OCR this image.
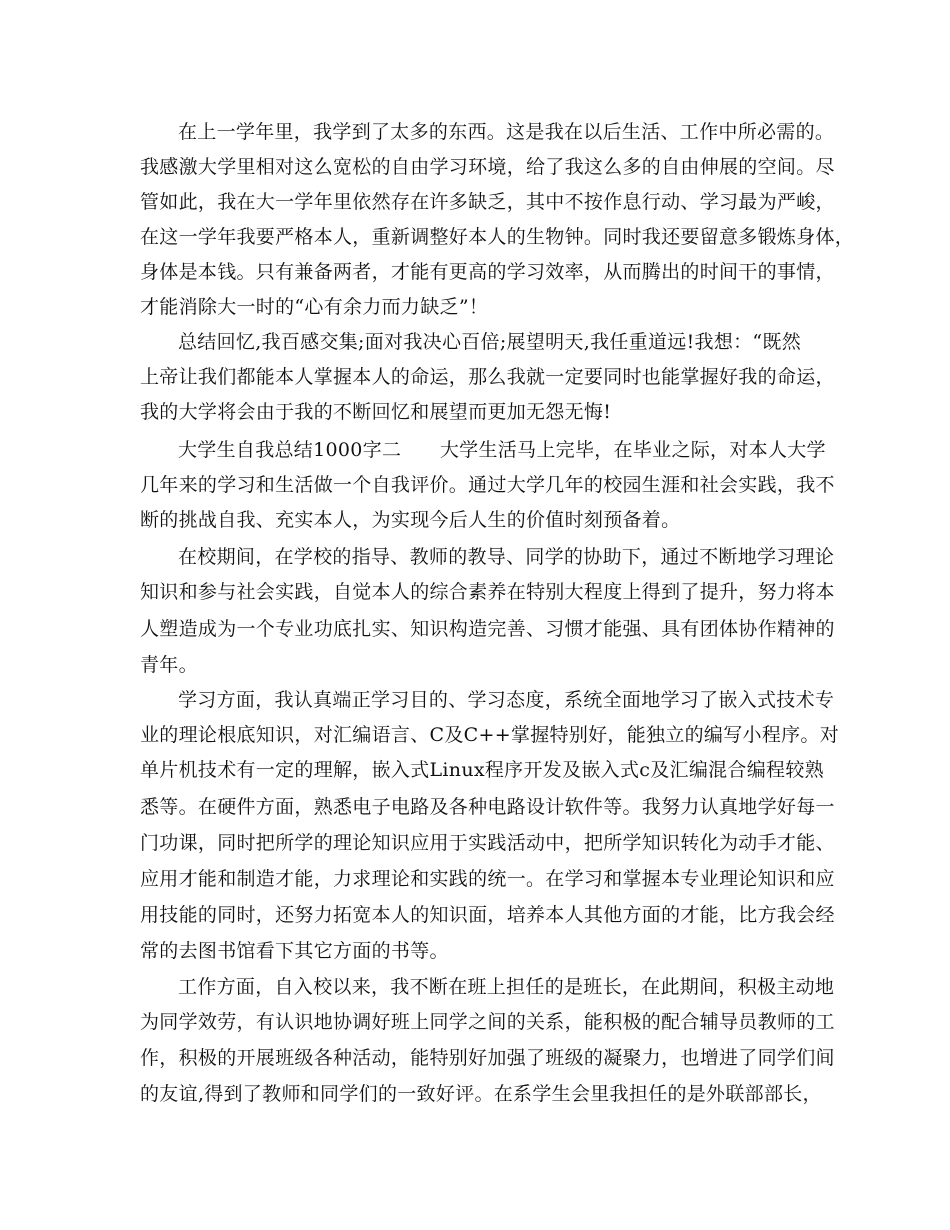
在上一学年里，我学到了太多的东西。这是我在以后生活、工作中所必需的。
我感激大学里相对这么宽松的自由学习环境，给了我这么多的自由伸展的空间。尽
管如此，我在大一学年里依然存在许多缺乏，其中不按作息行动、学习最为严峻，
在这一学年我要严格本人，重新调整好本人的生物钟。同时我还要留意多锻炼身体，
身体是本钱。只有兼备两者，才能有更高的学习效率，从而腾出的时间干的事情，
才能消除大一时的“心有余力而力缺乏”！
总结回忆,我百感交集;面对我决心百倍;展望明天,我任重道远!我想：“既然
上帝让我们都能本人掌握本人的命运，那么我就一定要同时也能掌握好我的命运，
我的大学将会由于我的不断回忆和展望而更加无怨无悔!
大学生自我总结1000字二　　大学生活马上完毕，在毕业之际，对本人大学
几年来的学习和生活做一个自我评价。通过大学几年的校园生涯和社会实践，我不
断的挑战自我、充实本人，为实现今后人生的价值时刻预备着。
在校期间，在学校的指导、教师的教导、同学的协助下，通过不断地学习理论
知识和参与社会实践，自觉本人的综合素养在特别大程度上得到了提升，努力将本
人塑造成为一个专业功底扎实、知识构造完善、习惯才能强、具有团体协作精神的
青年。
学习方面，我认真端正学习目的、学习态度，系统全面地学习了嵌入式技术专
业的理论根底知识，对汇编语言、C及C++掌握特别好，能独立的编写小程序。对
单片机技术有一定的理解，嵌入式Linux程序开发及嵌入式c及汇编混合编程较熟
悉等。在硬件方面，熟悉电子电路及各种电路设计软件等。我努力认真地学好每一
门功课，同时把所学的理论知识应用于实践活动中，把所学知识转化为动手才能、
应用才能和制造才能，力求理论和实践的统一。在学习和掌握本专业理论知识和应
用技能的同时，还努力拓宽本人的知识面，培养本人其他方面的才能，比方我会经
常的去图书馆看下其它方面的书等。
工作方面，自入校以来，我不断在班上担任的是班长，在此期间，积极主动地
为同学效劳，有认识地协调好班上同学之间的关系，能积极的配合辅导员教师的工
作，积极的开展班级各种活动，能特别好加强了班级的凝聚力，也增进了同学们间
的友谊,得到了教师和同学们的一致好评。在系学生会里我担任的是外联部部长，
